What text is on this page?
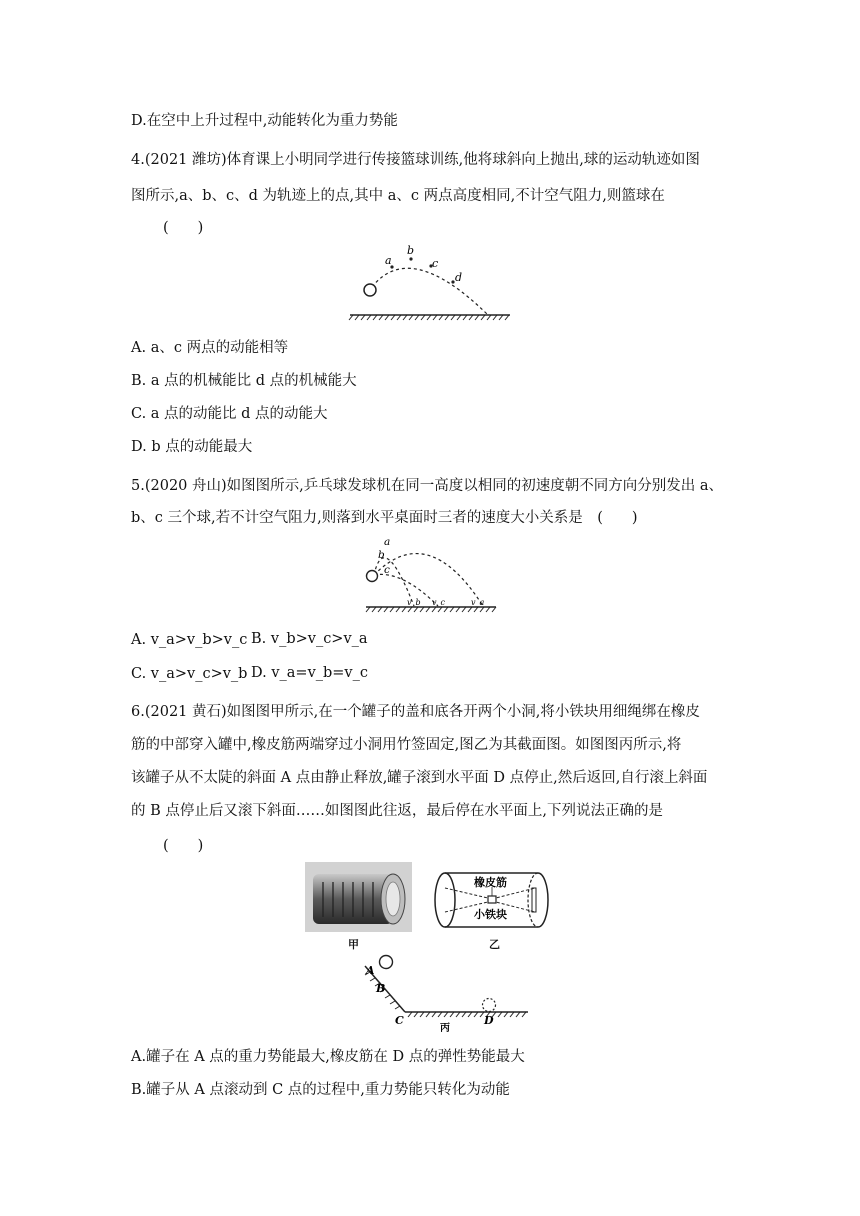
D.在空中上升过程中,动能转化为重力势能
4.(2021 潍坊)体育课上小明同学进行传接篮球训练,他将球斜向上抛出,球的运动轨迹如图
图所示,a、b、c、d 为轨迹上的点,其中 a、c 两点高度相同,不计空气阻力,则篮球在
(　　)
a
b
c
d
A. a、c 两点的动能相等
B. a 点的机械能比 d 点的机械能大
C. a 点的动能比 d 点的动能大
D. b 点的动能最大
5.(2020 舟山)如图图所示,乒乓球发球机在同一高度以相同的初速度朝不同方向分别发出 a、
b、c 三个球,若不计空气阻力,则落到水平桌面时三者的速度大小关系是　(　　)
a
b
c
v_b v_c	v_a
A. v_a>v_b>v_c B. v_b>v_c>v_a
C. v_a>v_c>v_b D. v_a=v_b=v_c
6.(2021 黄石)如图图甲所示,在一个罐子的盖和底各开两个小洞,将小铁块用细绳绑在橡皮
筋的中部穿入罐中,橡皮筋两端穿过小洞用竹签固定,图乙为其截面图。如图图丙所示,将
该罐子从不太陡的斜面 A 点由静止释放,罐子滚到水平面 D 点停止,然后返回,自行滚上斜面
的 B 点停止后又滚下斜面……如图图此往返，最后停在水平面上,下列说法正确的是
(　　)
甲
橡皮筋
小铁块
乙
A
B
C	D
丙
A.罐子在 A 点的重力势能最大,橡皮筋在 D 点的弹性势能最大
B.罐子从 A 点滚动到 C 点的过程中,重力势能只转化为动能
